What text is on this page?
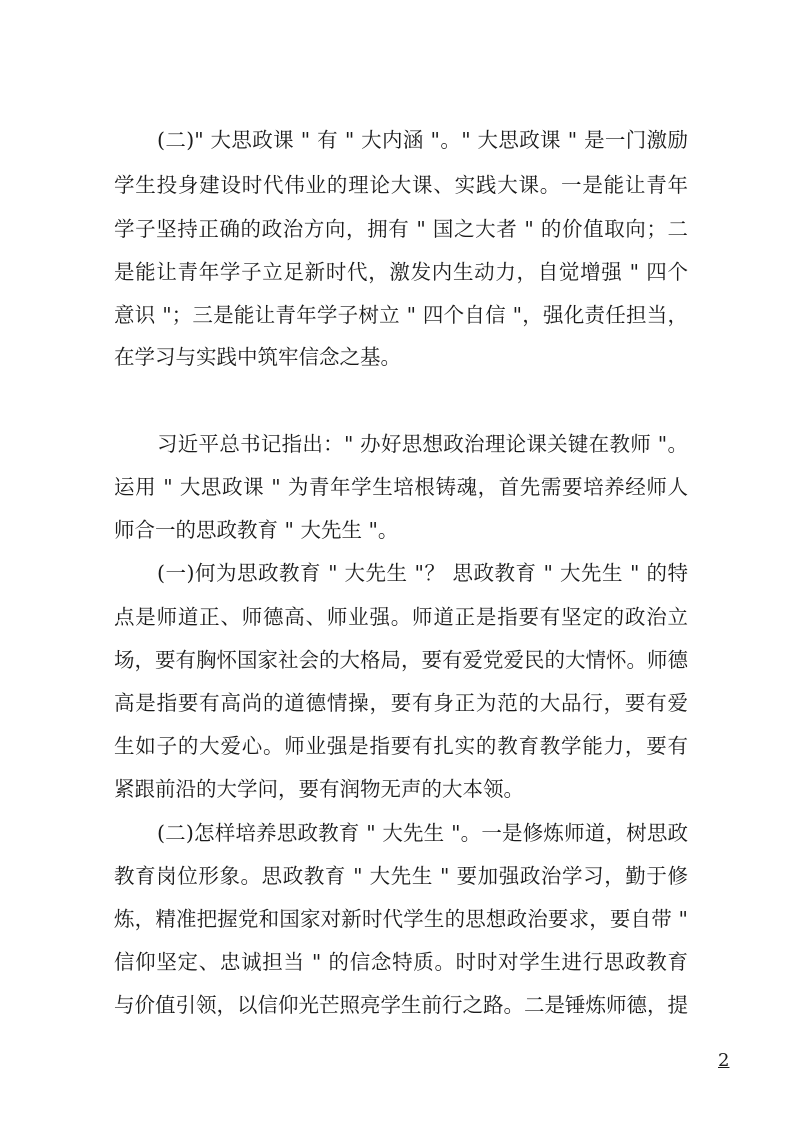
(二)" 大思政课 " 有 " 大内涵 "。" 大思政课 " 是一门激励
学生投身建设时代伟业的理论大课、实践大课。一是能让青年
学子坚持正确的政治方向，拥有 " 国之大者 " 的价值取向；二
是能让青年学子立足新时代，激发内生动力，自觉增强 " 四个
意识 "；三是能让青年学子树立 " 四个自信 "，强化责任担当，
在学习与实践中筑牢信念之基。
习近平总书记指出：" 办好思想政治理论课关键在教师 "。
运用 " 大思政课 " 为青年学生培根铸魂，首先需要培养经师人
师合一的思政教育 " 大先生 "。
(一)何为思政教育 " 大先生 "？ 思政教育 " 大先生 " 的特
点是师道正、师德高、师业强。师道正是指要有坚定的政治立
场，要有胸怀国家社会的大格局，要有爱党爱民的大情怀。师德
高是指要有高尚的道德情操，要有身正为范的大品行，要有爱
生如子的大爱心。师业强是指要有扎实的教育教学能力，要有
紧跟前沿的大学问，要有润物无声的大本领。
(二)怎样培养思政教育 " 大先生 "。一是修炼师道，树思政
教育岗位形象。思政教育 " 大先生 " 要加强政治学习，勤于修
炼，精准把握党和国家对新时代学生的思想政治要求，要自带 "
信仰坚定、忠诚担当 " 的信念特质。时时对学生进行思政教育
与价值引领，以信仰光芒照亮学生前行之路。二是锤炼师德，提
2
